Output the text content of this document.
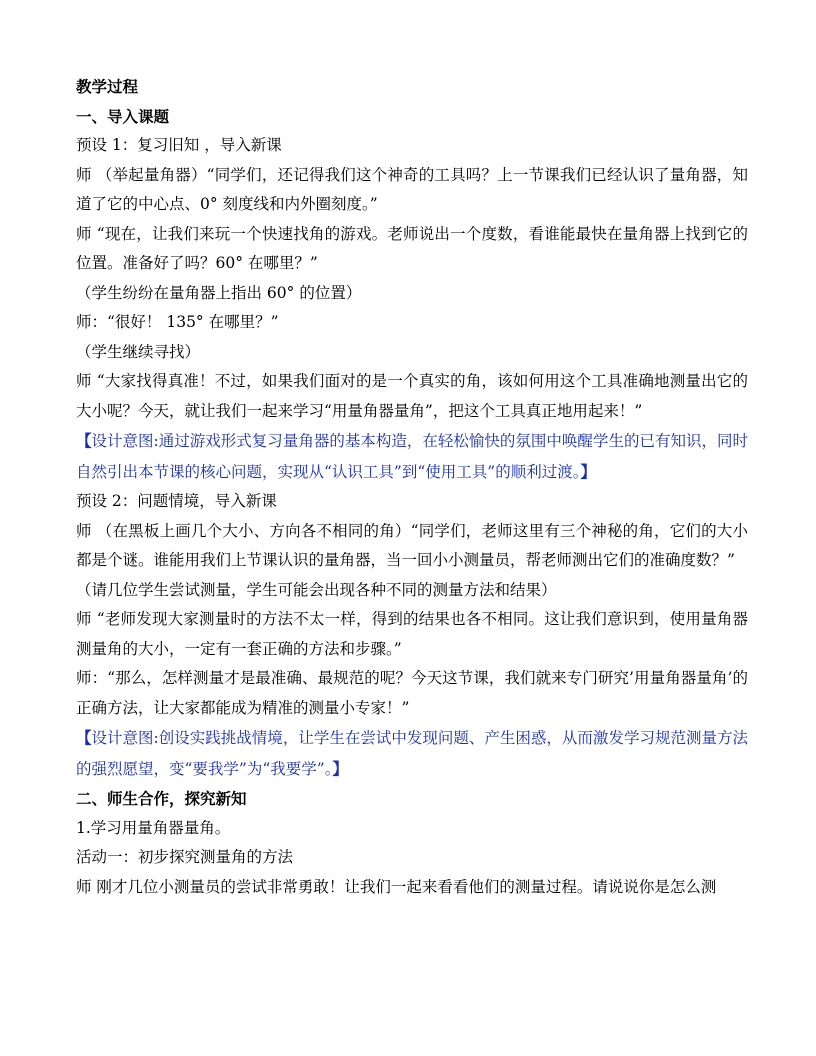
教学过程
一、导入课题
预设 1：复习旧知 ，导入新课
师 （举起量角器）“同学们，还记得我们这个神奇的工具吗？上一节课我们已经认识了量角器，知道了它的中心点、0° 刻度线和内外圈刻度。”
师 “现在，让我们来玩一个快速找角的游戏。老师说出一个度数，看谁能最快在量角器上找到它的位置。准备好了吗？60° 在哪里？”
（学生纷纷在量角器上指出 60° 的位置）
师：“很好！ 135° 在哪里？”
（学生继续寻找）
师 “大家找得真准！不过，如果我们面对的是一个真实的角，该如何用这个工具准确地测量出它的大小呢？今天，就让我们一起来学习“用量角器量角”，把这个工具真正地用起来！”
【设计意图:通过游戏形式复习量角器的基本构造，在轻松愉快的氛围中唤醒学生的已有知识，同时自然引出本节课的核心问题，实现从“认识工具”到“使用工具”的顺利过渡。】
预设 2：问题情境，导入新课
师 （在黑板上画几个大小、方向各不相同的角）“同学们，老师这里有三个神秘的角，它们的大小都是个谜。谁能用我们上节课认识的量角器，当一回小小测量员，帮老师测出它们的准确度数？”
（请几位学生尝试测量，学生可能会出现各种不同的测量方法和结果）
师 “老师发现大家测量时的方法不太一样，得到的结果也各不相同。这让我们意识到，使用量角器测量角的大小，一定有一套正确的方法和步骤。”
师：“那么，怎样测量才是最准确、最规范的呢？今天这节课，我们就来专门研究’用量角器量角’的正确方法，让大家都能成为精准的测量小专家！”
【设计意图:创设实践挑战情境，让学生在尝试中发现问题、产生困惑，从而激发学习规范测量方法的强烈愿望，变“要我学”为“我要学”。】
二、师生合作，探究新知
1.学习用量角器量角。
活动一：初步探究测量角的方法
师 刚才几位小测量员的尝试非常勇敢！让我们一起来看看他们的测量过程。请说说你是怎么测
